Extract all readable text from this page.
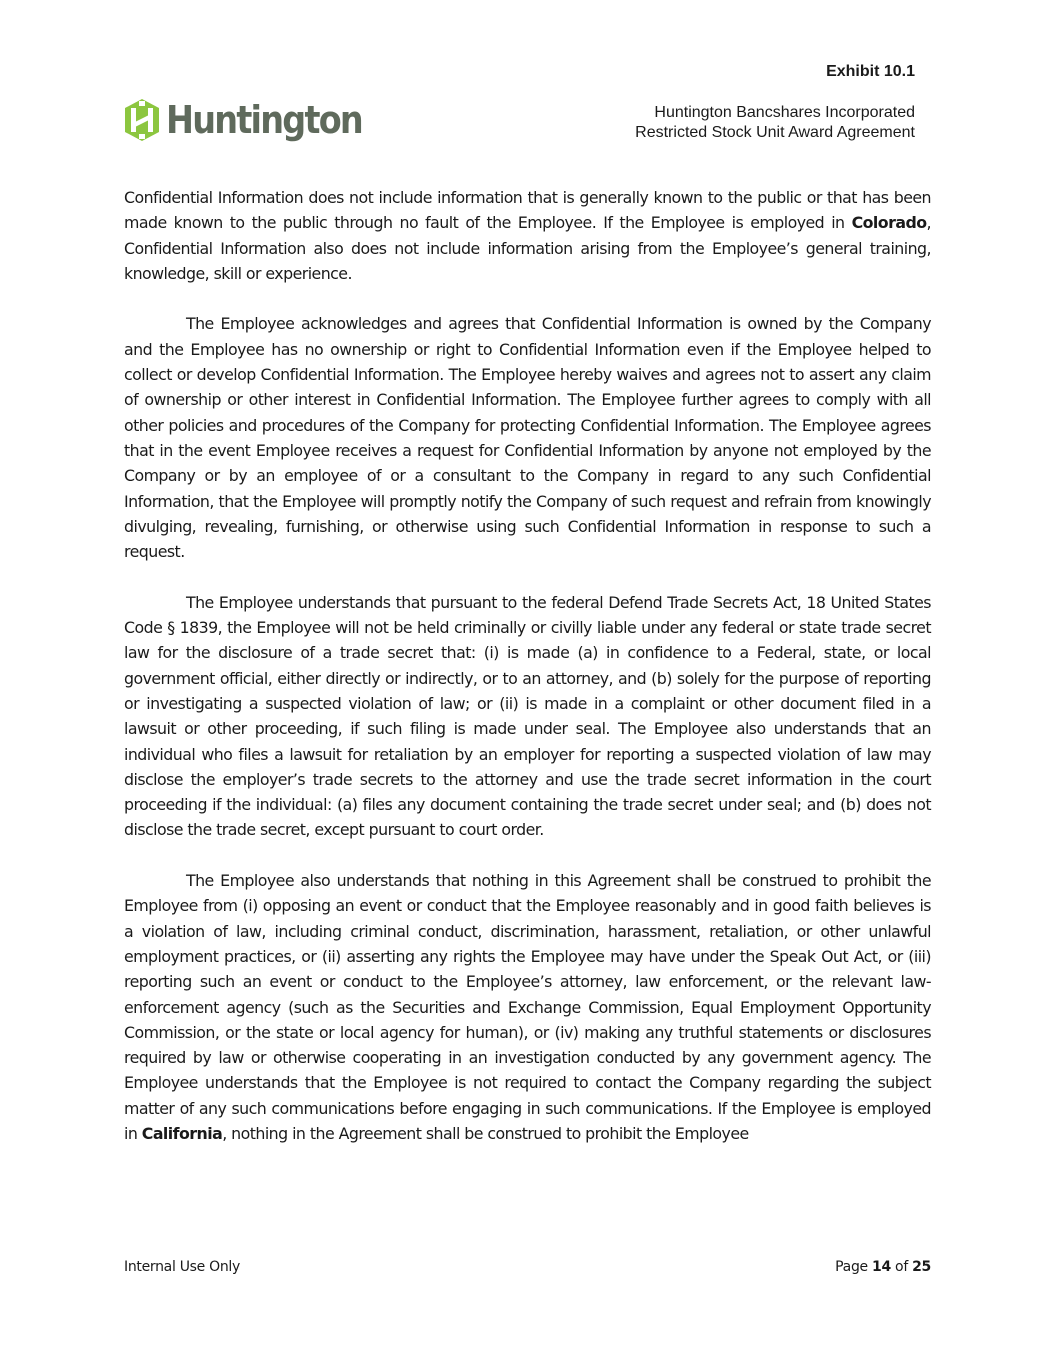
Exhibit 10.1
Huntington	Huntington Bancshares Incorporated
Restricted Stock Unit Award Agreement

Confidential Information does not include information that is generally known to the public or that has been made known to the public through no fault of the Employee. If the Employee is employed in Colorado, Confidential Information also does not include information arising from the Employee’s general training, knowledge, skill or experience.

The Employee acknowledges and agrees that Confidential Information is owned by the Company and the Employee has no ownership or right to Confidential Information even if the Employee helped to collect or develop Confidential Information. The Employee hereby waives and agrees not to assert any claim of ownership or other interest in Confidential Information. The Employee further agrees to comply with all other policies and procedures of the Company for protecting Confidential Information. The Employee agrees that in the event Employee receives a request for Confidential Information by anyone not employed by the Company or by an employee of or a consultant to the Company in regard to any such Confidential Information, that the Employee will promptly notify the Company of such request and refrain from knowingly divulging, revealing, furnishing, or otherwise using such Confidential Information in response to such a request.

The Employee understands that pursuant to the federal Defend Trade Secrets Act, 18 United States Code § 1839, the Employee will not be held criminally or civilly liable under any federal or state trade secret law for the disclosure of a trade secret that: (i) is made (a) in confidence to a Federal, state, or local government official, either directly or indirectly, or to an attorney, and (b) solely for the purpose of reporting or investigating a suspected violation of law; or (ii) is made in a complaint or other document filed in a lawsuit or other proceeding, if such filing is made under seal. The Employee also understands that an individual who files a lawsuit for retaliation by an employer for reporting a suspected violation of law may disclose the employer’s trade secrets to the attorney and use the trade secret information in the court proceeding if the individual: (a) files any document containing the trade secret under seal; and (b) does not disclose the trade secret, except pursuant to court order.

The Employee also understands that nothing in this Agreement shall be construed to prohibit the Employee from (i) opposing an event or conduct that the Employee reasonably and in good faith believes is a violation of law, including criminal conduct, discrimination, harassment, retaliation, or other unlawful employment practices, or (ii) asserting any rights the Employee may have under the Speak Out Act, or (iii) reporting such an event or conduct to the Employee’s attorney, law enforcement, or the relevant law-enforcement agency (such as the Securities and Exchange Commission, Equal Employment Opportunity Commission, or the state or local agency for human), or (iv) making any truthful statements or disclosures required by law or otherwise cooperating in an investigation conducted by any government agency. The Employee understands that the Employee is not required to contact the Company regarding the subject matter of any such communications before engaging in such communications. If the Employee is employed in California, nothing in the Agreement shall be construed to prohibit the Employee

Internal Use Only	Page 14 of 25
